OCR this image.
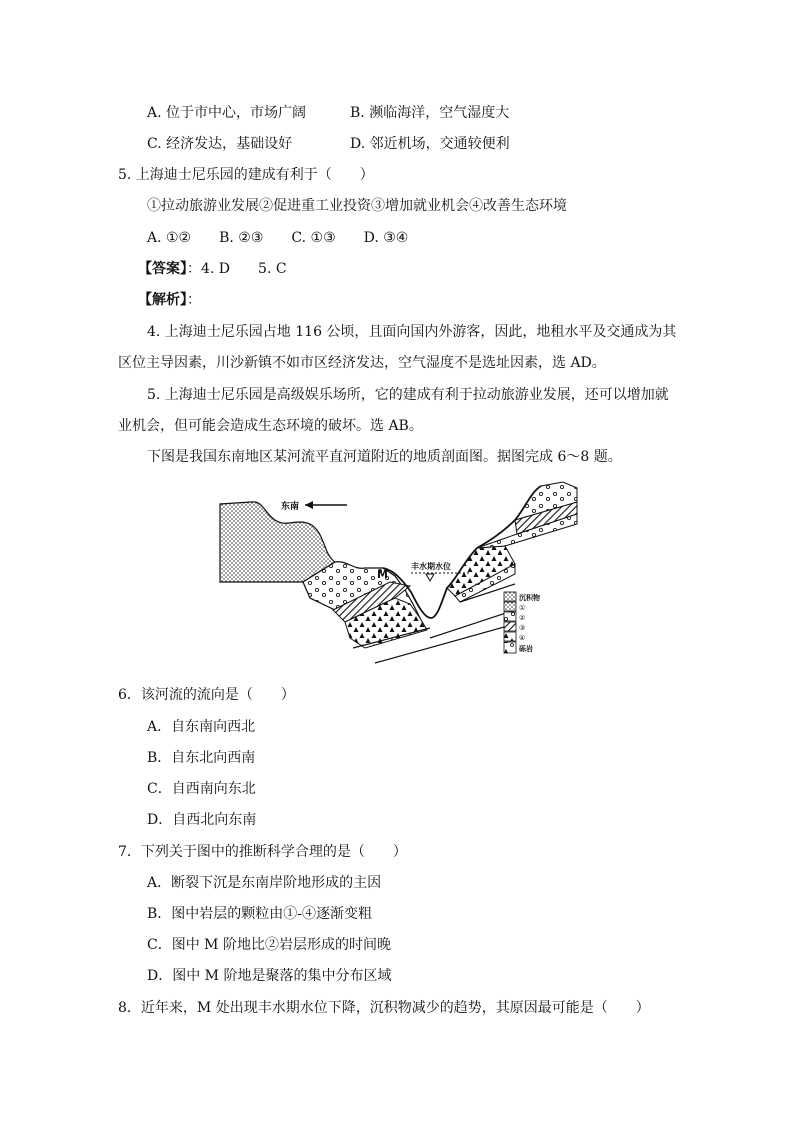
A. 位于市中心，市场广阔	B. 濒临海洋，空气湿度大
C. 经济发达，基础设好	D. 邻近机场，交通较便利
5. 上海迪士尼乐园的建成有利于（　　）
①拉动旅游业发展②促进重工业投资③增加就业机会④改善生态环境
A. ①②　　B. ②③　　C. ①③　　D. ③④
【答案】：4. D　　5. C
【解析】：
4. 上海迪士尼乐园占地 116 公顷，且面向国内外游客，因此，地租水平及交通成为其
区位主导因素，川沙新镇不如市区经济发达，空气湿度不是选址因素，选 AD。
5. 上海迪士尼乐园是高级娱乐场所，它的建成有利于拉动旅游业发展，还可以增加就
业机会，但可能会造成生态环境的破坏。选 AB。
下图是我国东南地区某河流平直河道附近的地质剖面图。据图完成 6～8 题。
东南
M
丰水期水位
沉积物
①
②
③
④
砾岩
6．该河流的流向是（　　）
A．自东南向西北
B．自东北向西南
C．自西南向东北
D．自西北向东南
7．下列关于图中的推断科学合理的是（　　）
A．断裂下沉是东南岸阶地形成的主因
B．图中岩层的颗粒由①-④逐渐变粗
C．图中 M 阶地比②岩层形成的时间晚
D．图中 M 阶地是聚落的集中分布区域
8．近年来，M 处出现丰水期水位下降，沉积物减少的趋势，其原因最可能是（　　）
